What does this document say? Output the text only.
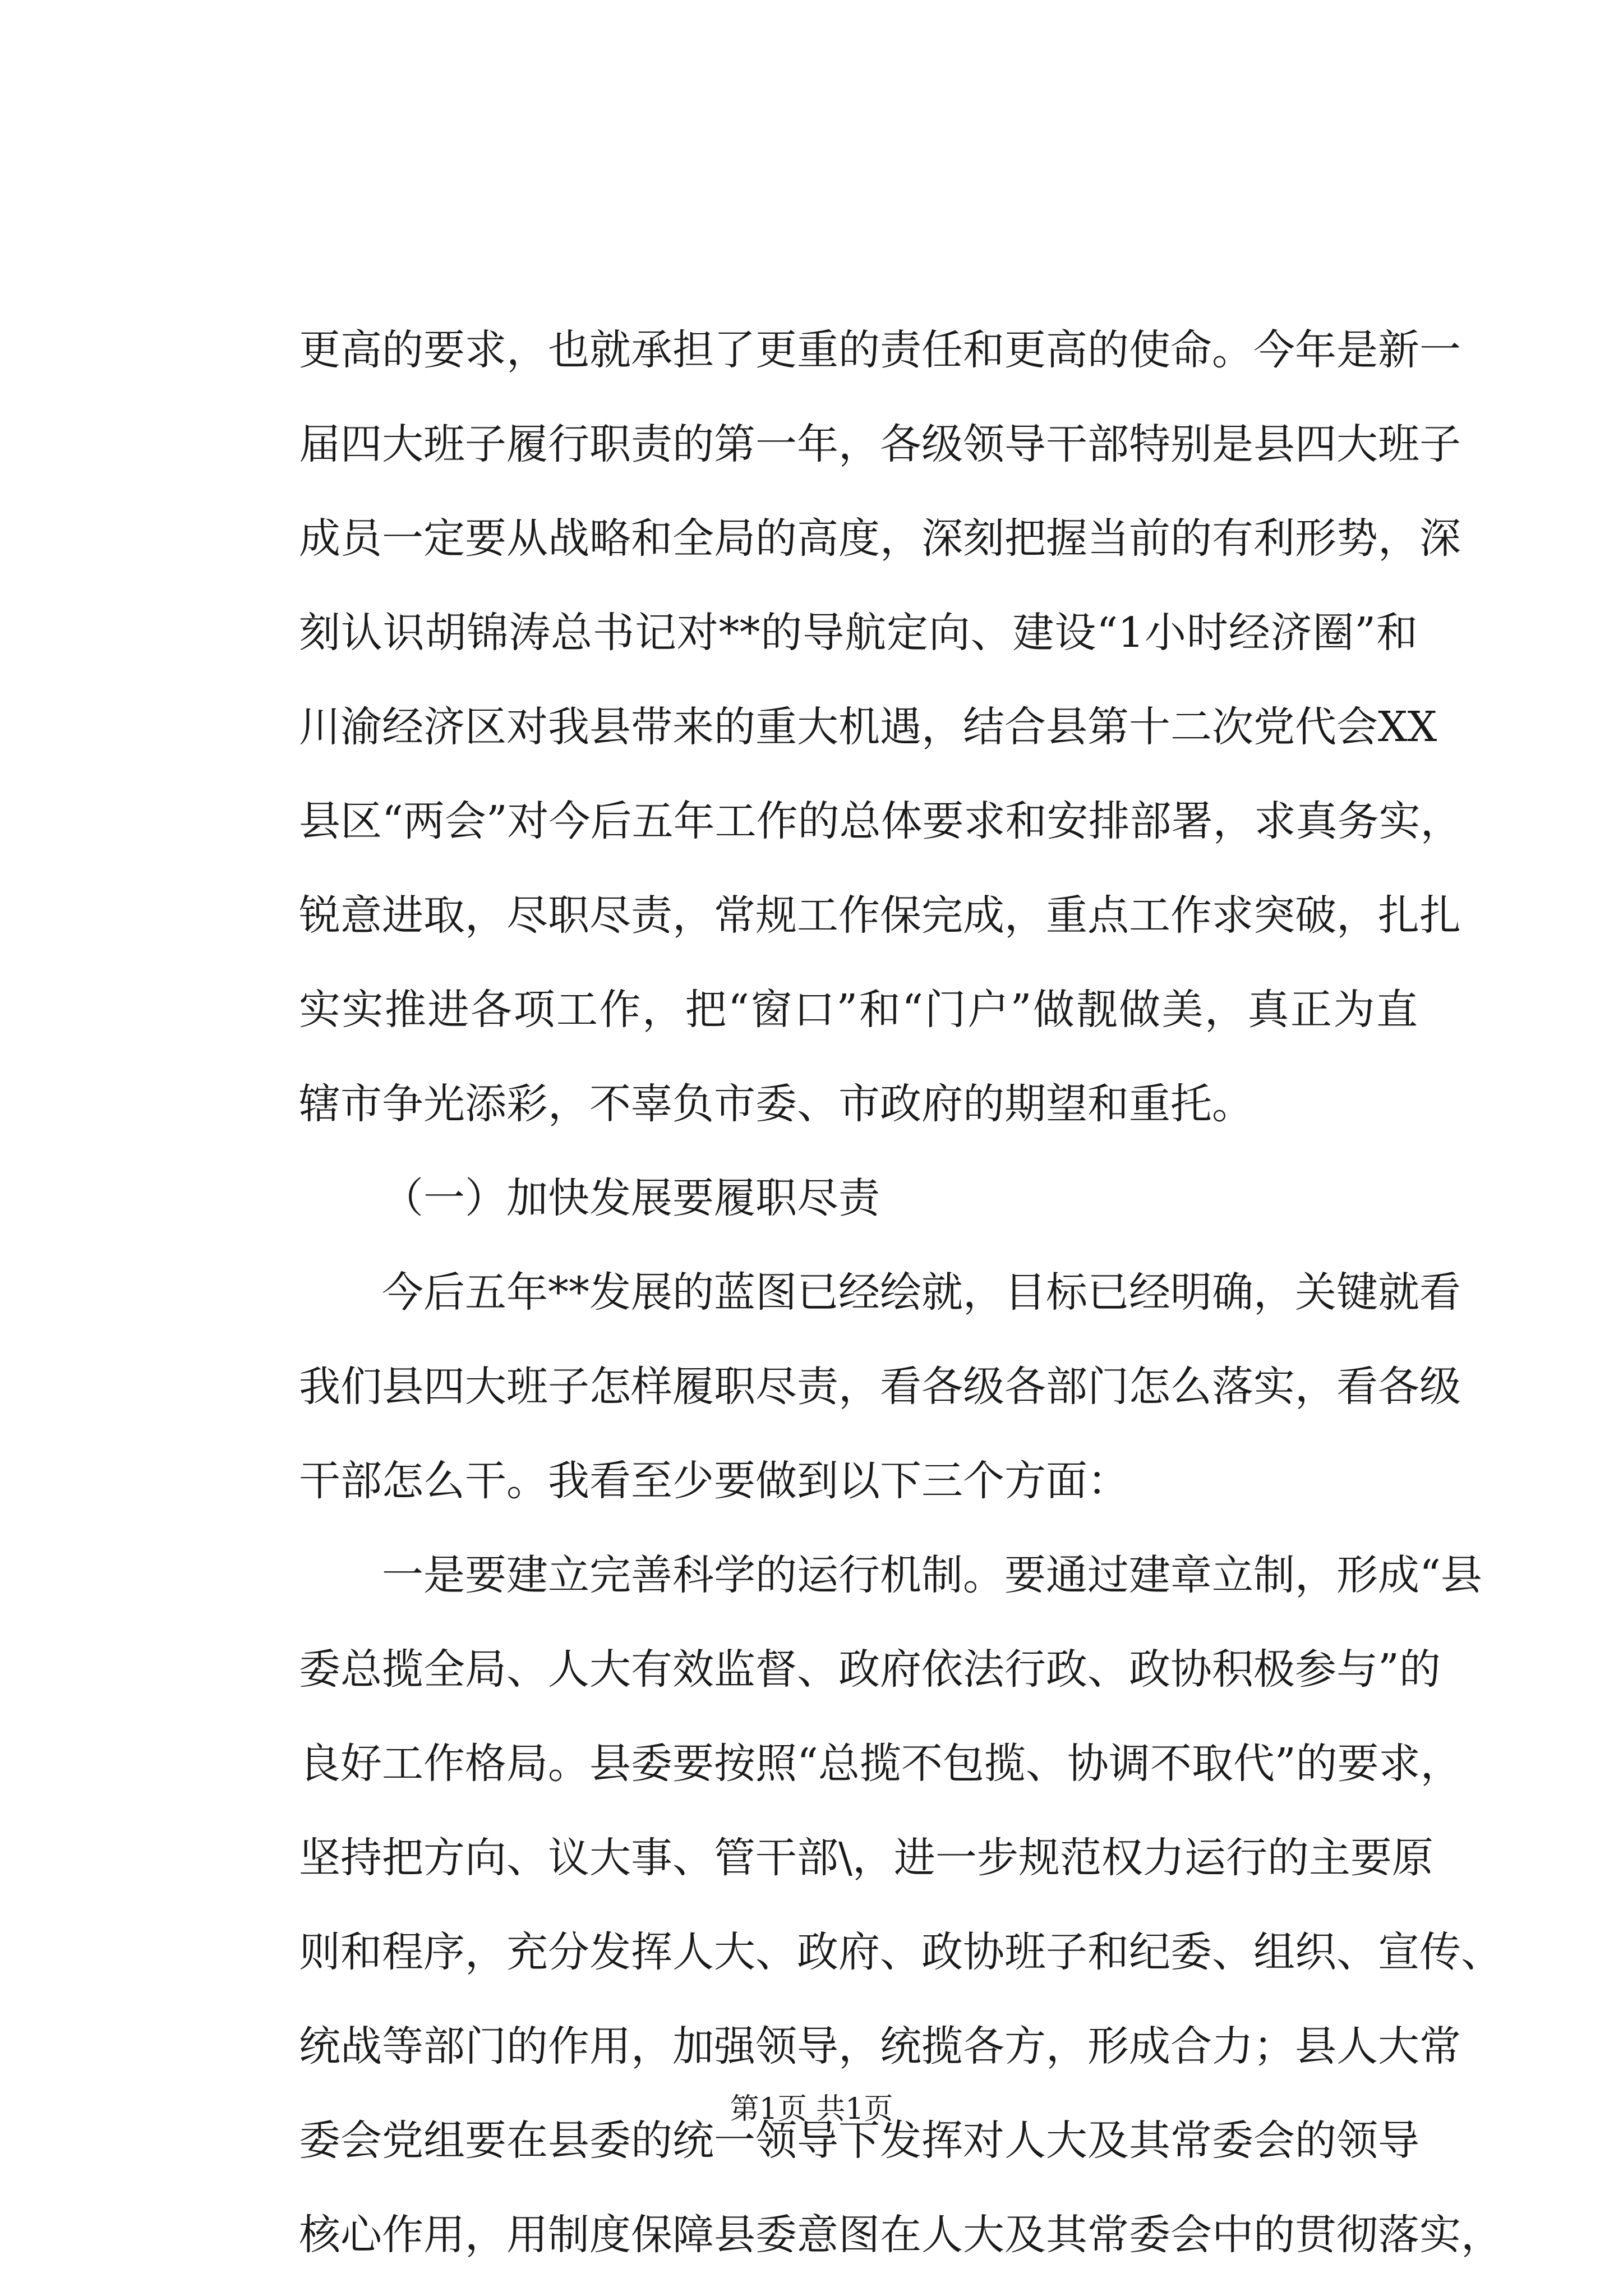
更高的要求，也就承担了更重的责任和更高的使命。今年是新一
届四大班子履行职责的第一年，各级领导干部特别是县四大班子
成员一定要从战略和全局的高度，深刻把握当前的有利形势，深
刻认识胡锦涛总书记对**的导航定向、建设“1小时经济圈”和
川渝经济区对我县带来的重大机遇，结合县第十二次党代会XX
县区“两会”对今后五年工作的总体要求和安排部署，求真务实，
锐意进取，尽职尽责，常规工作保完成，重点工作求突破，扎扎
实实推进各项工作，把“窗口”和“门户”做靓做美，真正为直
辖市争光添彩，不辜负市委、市政府的期望和重托。
（一）加快发展要履职尽责
今后五年**发展的蓝图已经绘就，目标已经明确，关键就看
我们县四大班子怎样履职尽责，看各级各部门怎么落实，看各级
干部怎么干。我看至少要做到以下三个方面：
一是要建立完善科学的运行机制。要通过建章立制，形成“县
委总揽全局、人大有效监督、政府依法行政、政协积极参与”的
良好工作格局。县委要按照“总揽不包揽、协调不取代”的要求，
坚持把方向、议大事、管干部\，进一步规范权力运行的主要原
则和程序，充分发挥人大、政府、政协班子和纪委、组织、宣传、
统战等部门的作用，加强领导，统揽各方，形成合力；县人大常
委会党组要在县委的统一领导下发挥对人大及其常委会的领导
核心作用，用制度保障县委意图在人大及其常委会中的贯彻落实，
第1页 共1页
